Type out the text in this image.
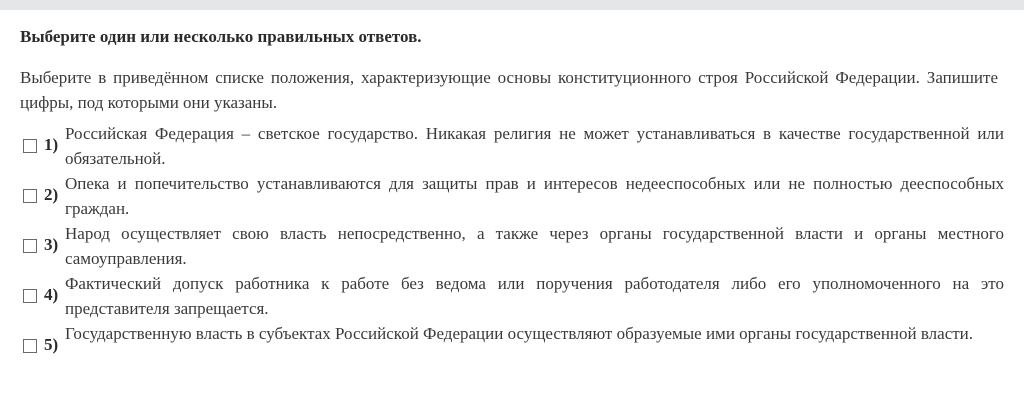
Выберите один или несколько правильных ответов.

Выберите в приведённом списке положения, характеризующие основы конституционного строя Российской Федерации. Запишите цифры, под которыми они указаны.

1)
Российская Федерация – светское государство. Никакая религия не может устанавливаться в качестве государственной или обязательной.
2)
Опека и попечительство устанавливаются для защиты прав и интересов недееспособных или не полностью дееспособных граждан.
3)
Народ осуществляет свою власть непосредственно, а также через органы государственной власти и органы местного самоуправления.
4)
Фактический допуск работника к работе без ведома или поручения работодателя либо его уполномоченного на это представителя запрещается.
5)
Государственную власть в субъектах Российской Федерации осуществляют образуемые ими органы государственной власти.
